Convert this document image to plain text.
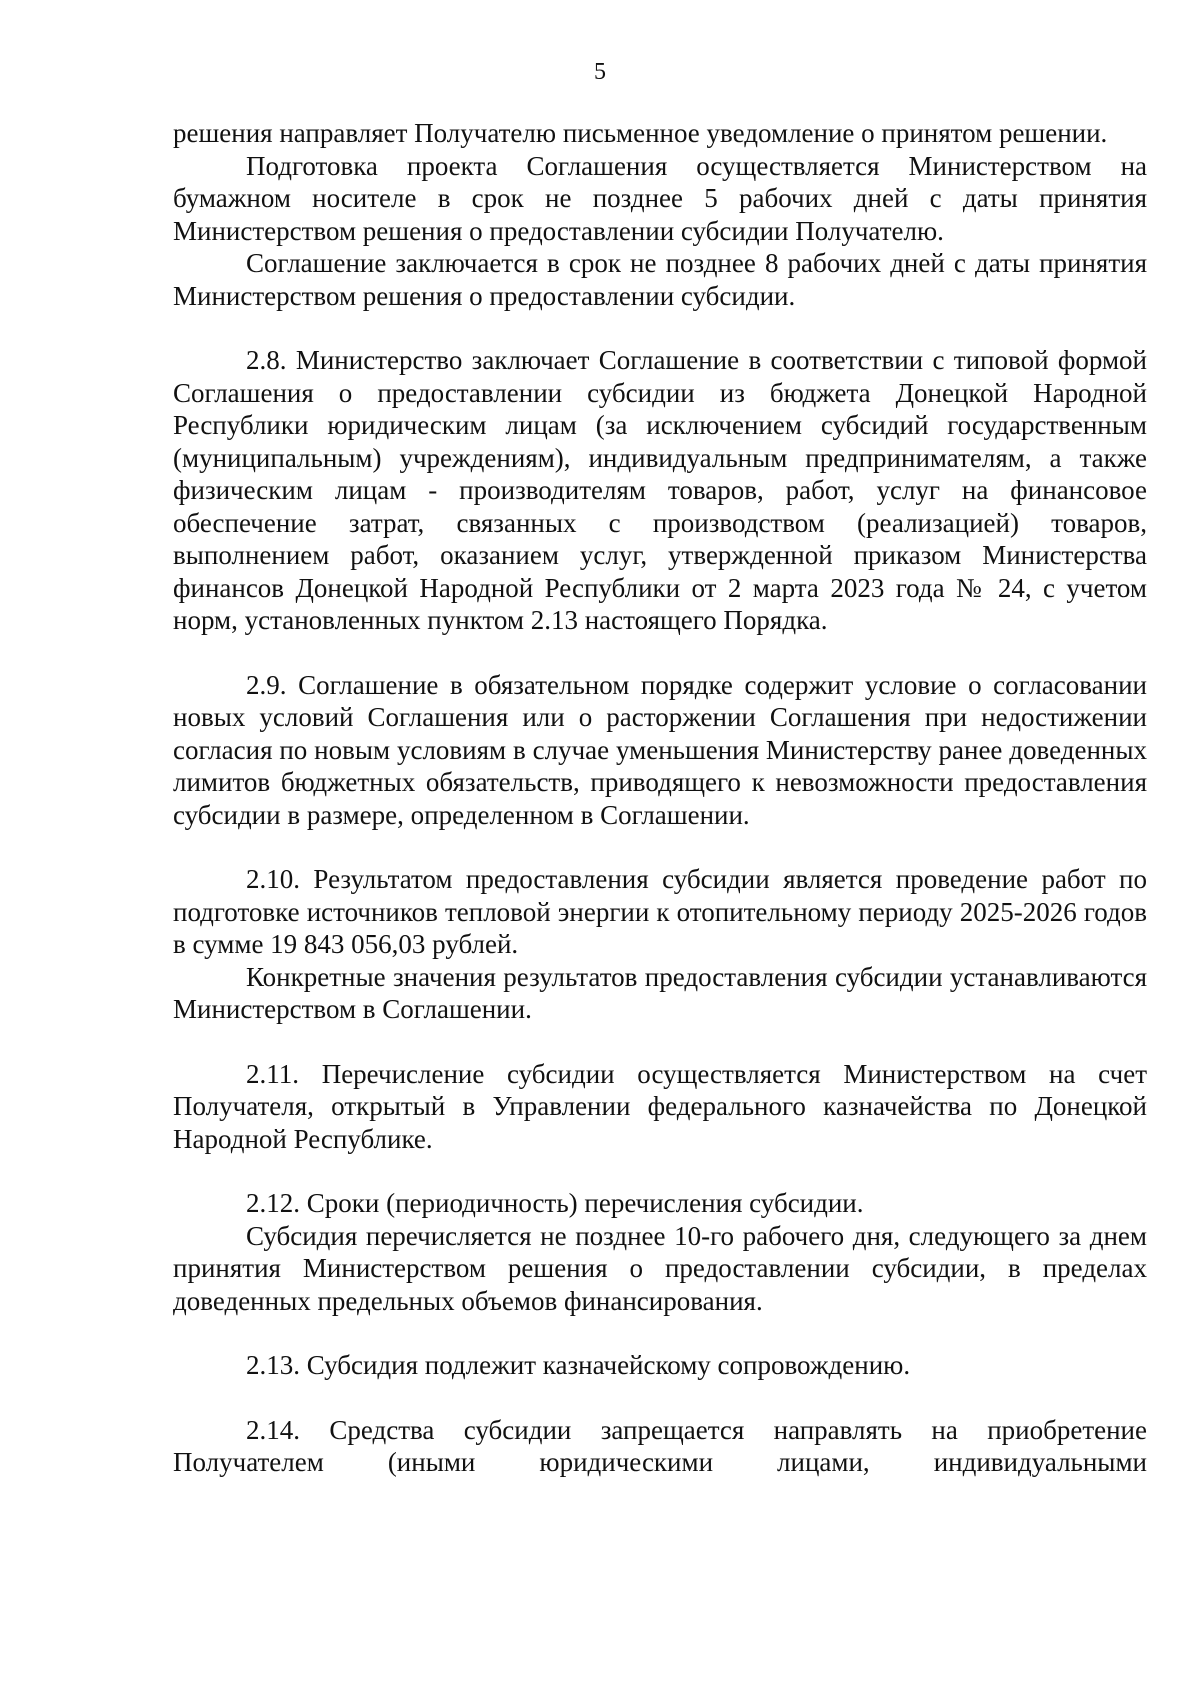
5

решения направляет Получателю письменное уведомление о принятом решении.

Подготовка проекта Соглашения осуществляется Министерством на бумажном носителе в срок не позднее 5 рабочих дней с даты принятия Министерством решения о предоставлении субсидии Получателю.

Соглашение заключается в срок не позднее 8 рабочих дней с даты принятия Министерством решения о предоставлении субсидии.

2.8. Министерство заключает Соглашение в соответствии с типовой формой Соглашения о предоставлении субсидии из бюджета Донецкой Народной Республики юридическим лицам (за исключением субсидий государственным (муниципальным) учреждениям), индивидуальным предпринимателям, а также физическим лицам - производителям товаров, работ, услуг на финансовое обеспечение затрат, связанных с производством (реализацией) товаров, выполнением работ, оказанием услуг, утвержденной приказом Министерства финансов Донецкой Народной Республики от 2 марта 2023 года № 24, с учетом норм, установленных пунктом 2.13 настоящего Порядка.

2.9. Соглашение в обязательном порядке содержит условие о согласовании новых условий Соглашения или о расторжении Соглашения при недостижении согласия по новым условиям в случае уменьшения Министерству ранее доведенных лимитов бюджетных обязательств, приводящего к невозможности предоставления субсидии в размере, определенном в Соглашении.

2.10. Результатом предоставления субсидии является проведение работ по подготовке источников тепловой энергии к отопительному периоду 2025-2026 годов в сумме 19 843 056,03 рублей.

Конкретные значения результатов предоставления субсидии устанавливаются Министерством в Соглашении.

2.11. Перечисление субсидии осуществляется Министерством на счет Получателя, открытый в Управлении федерального казначейства по Донецкой Народной Республике.

2.12. Сроки (периодичность) перечисления субсидии.

Субсидия перечисляется не позднее 10-го рабочего дня, следующего за днем принятия Министерством решения о предоставлении субсидии, в пределах доведенных предельных объемов финансирования.

2.13. Субсидия подлежит казначейскому сопровождению.

2.14. Средства субсидии запрещается направлять на приобретение Получателем (иными юридическими лицами, индивидуальными
